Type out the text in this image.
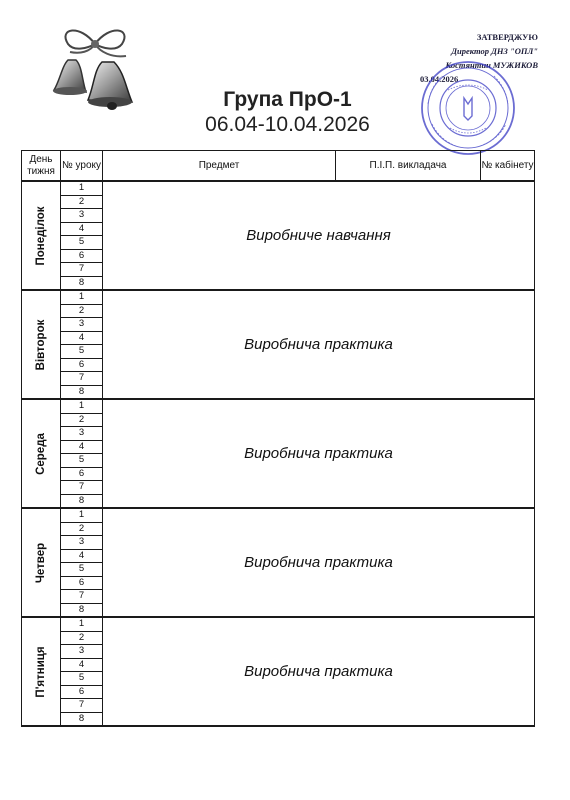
ЗАТВЕРДЖУЮ
Директор ДНЗ "ОПЛ"
Костянтин МУЖИКОВ
03.04.2026
Група ПрО-1
06.04-10.04.2026
День тижня	№ уроку	Предмет	П.І.П. викладача	№ кабінету

Понеділок	1	Виробниче навчання		
	2			
	3			
	4			
	5			
	6			
	7			
	8			

Вівторок	1	Виробнича практика		
	2			
	3			
	4			
	5			
	6			
	7			
	8			

Середа	1	Виробнича практика		
	2			
	3			
	4			
	5			
	6			
	7			
	8			

Четвер	1	Виробнича практика		
	2			
	3			
	4			
	5			
	6			
	7			
	8			

П'ятниця	1	Виробнича практика		
	2			
	3			
	4			
	5			
	6			
	7			
	8			
